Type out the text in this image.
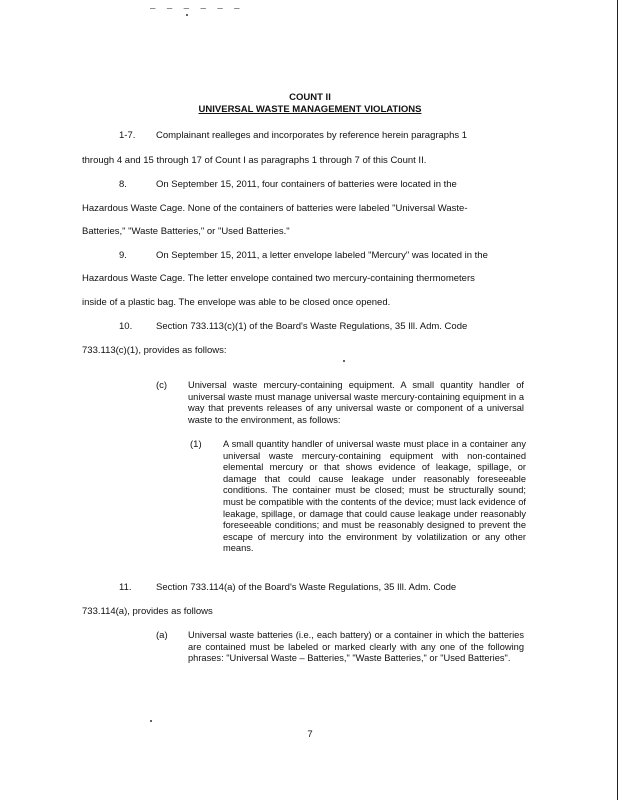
— — — — — —
COUNT II
UNIVERSAL WASTE MANAGEMENT VIOLATIONS
1-7. Complainant realleges and incorporates by reference herein paragraphs 1

through 4 and 15 through 17 of Count I as paragraphs 1 through 7 of this Count II.

8.	On September 15, 2011, four containers of batteries were located in the

Hazardous Waste Cage. None of the containers of batteries were labeled "Universal Waste-

Batteries," "Waste Batteries," or "Used Batteries."

9.	On September 15, 2011, a letter envelope labeled "Mercury" was located in the

Hazardous Waste Cage. The letter envelope contained two mercury-containing thermometers

inside of a plastic bag. The envelope was able to be closed once opened.

10.	Section 733.113(c)(1) of the Board's Waste Regulations, 35 Ill. Adm. Code

733.113(c)(1), provides as follows:

(c) Universal waste mercury-containing equipment. A small quantity handler of universal waste must manage universal waste mercury-containing equipment in a way that prevents releases of any universal waste or component of a universal waste to the environment, as follows:

(1) A small quantity handler of universal waste must place in a container any universal waste mercury-containing equipment with non-contained elemental mercury or that shows evidence of leakage, spillage, or damage that could cause leakage under reasonably foreseeable conditions. The container must be closed; must be structurally sound; must be compatible with the contents of the device; must lack evidence of leakage, spillage, or damage that could cause leakage under reasonably foreseeable conditions; and must be reasonably designed to prevent the escape of mercury into the environment by volatilization or any other means.

11.	Section 733.114(a) of the Board's Waste Regulations, 35 Ill. Adm. Code

733.114(a), provides as follows

(a) Universal waste batteries (i.e., each battery) or a container in which the batteries are contained must be labeled or marked clearly with any one of the following phrases: "Universal Waste – Batteries," "Waste Batteries," or "Used Batteries".

7
